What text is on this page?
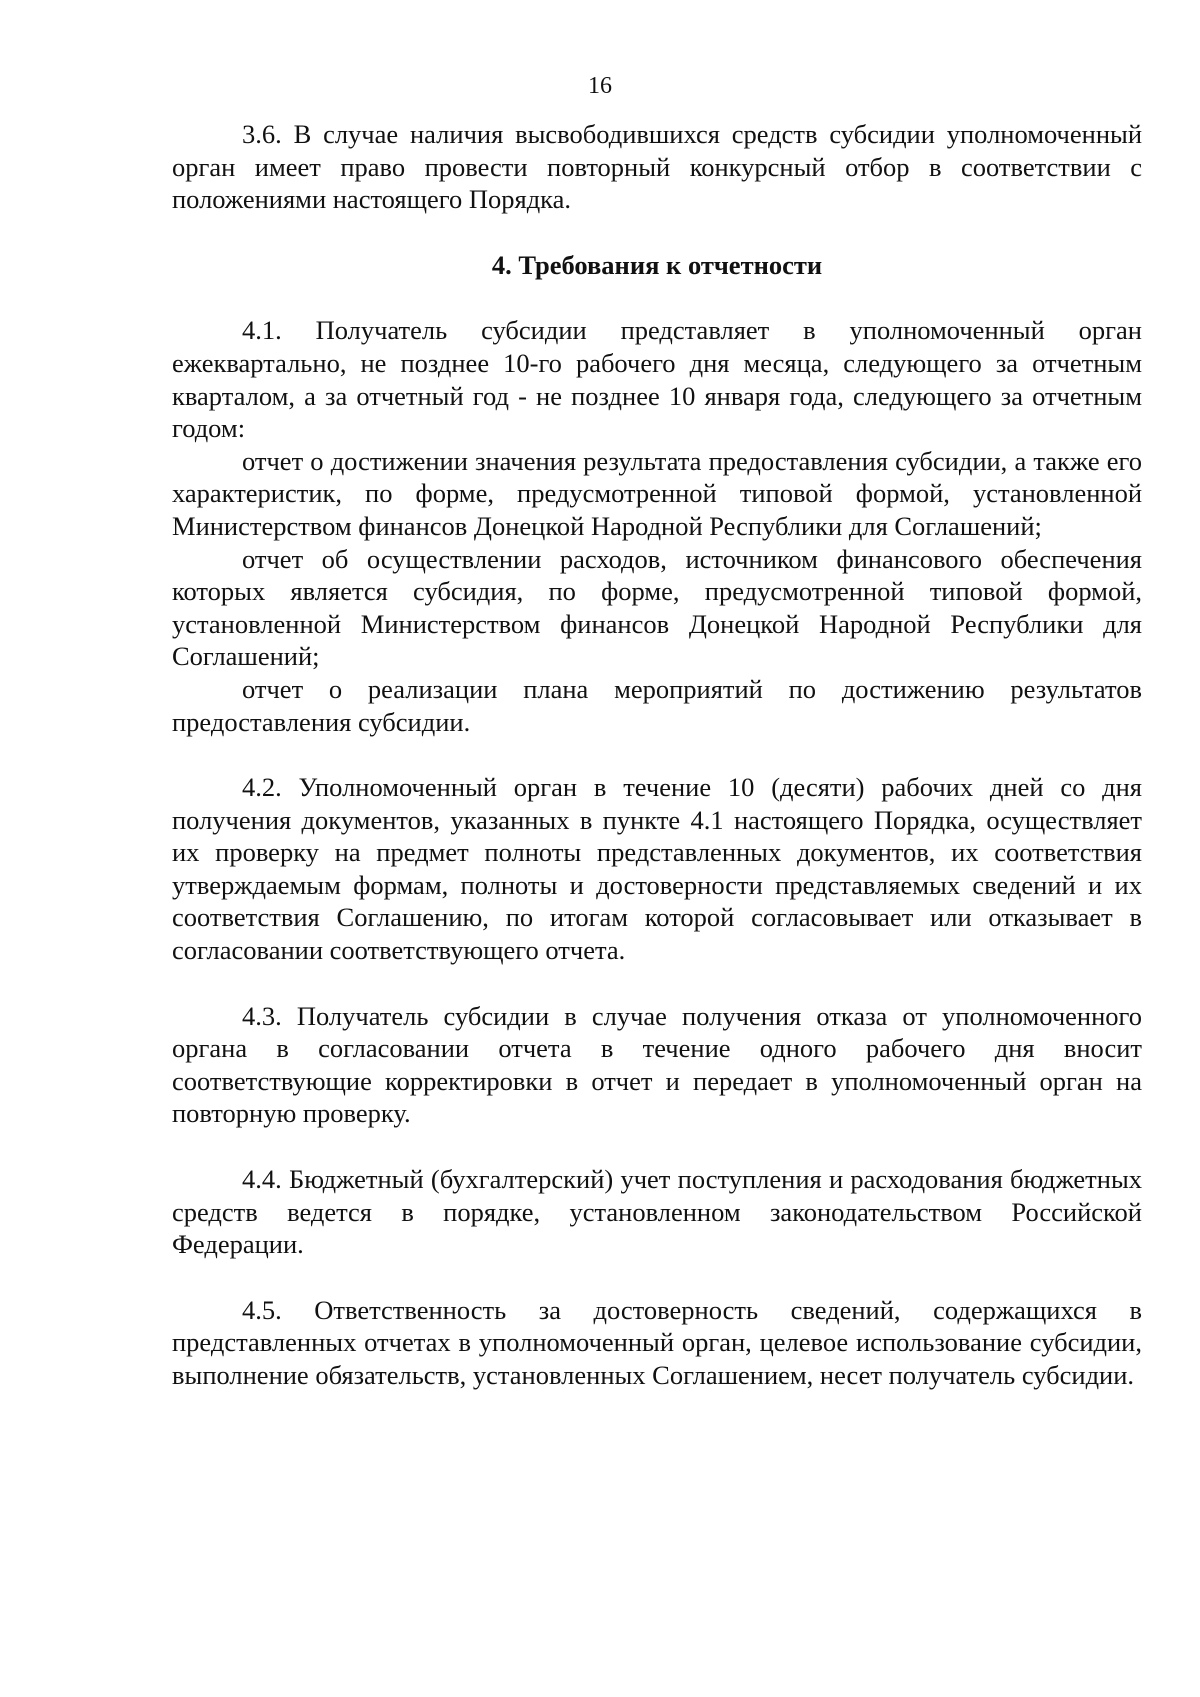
16

3.6. В случае наличия высвободившихся средств субсидии уполномоченный орган имеет право провести повторный конкурсный отбор в соответствии с положениями настоящего Порядка.

4. Требования к отчетности

4.1. Получатель субсидии представляет в уполномоченный орган ежеквартально, не позднее 10-го рабочего дня месяца, следующего за отчетным кварталом, а за отчетный год - не позднее 10 января года, следующего за отчетным годом:

отчет о достижении значения результата предоставления субсидии, а также его характеристик, по форме, предусмотренной типовой формой, установленной Министерством финансов Донецкой Народной Республики для Соглашений;

отчет об осуществлении расходов, источником финансового обеспечения которых является субсидия, по форме, предусмотренной типовой формой, установленной Министерством финансов Донецкой Народной Республики для Соглашений;

отчет о реализации плана мероприятий по достижению результатов предоставления субсидии.

4.2. Уполномоченный орган в течение 10 (десяти) рабочих дней со дня получения документов, указанных в пункте 4.1 настоящего Порядка, осуществляет их проверку на предмет полноты представленных документов, их соответствия утверждаемым формам, полноты и достоверности представляемых сведений и их соответствия Соглашению, по итогам которой согласовывает или отказывает в согласовании соответствующего отчета.

4.3. Получатель субсидии в случае получения отказа от уполномоченного органа в согласовании отчета в течение одного рабочего дня вносит соответствующие корректировки в отчет и передает в уполномоченный орган на повторную проверку.

4.4. Бюджетный (бухгалтерский) учет поступления и расходования бюджетных средств ведется в порядке, установленном законодательством Российской Федерации.

4.5. Ответственность за достоверность сведений, содержащихся в представленных отчетах в уполномоченный орган, целевое использование субсидии, выполнение обязательств, установленных Соглашением, несет получатель субсидии.
